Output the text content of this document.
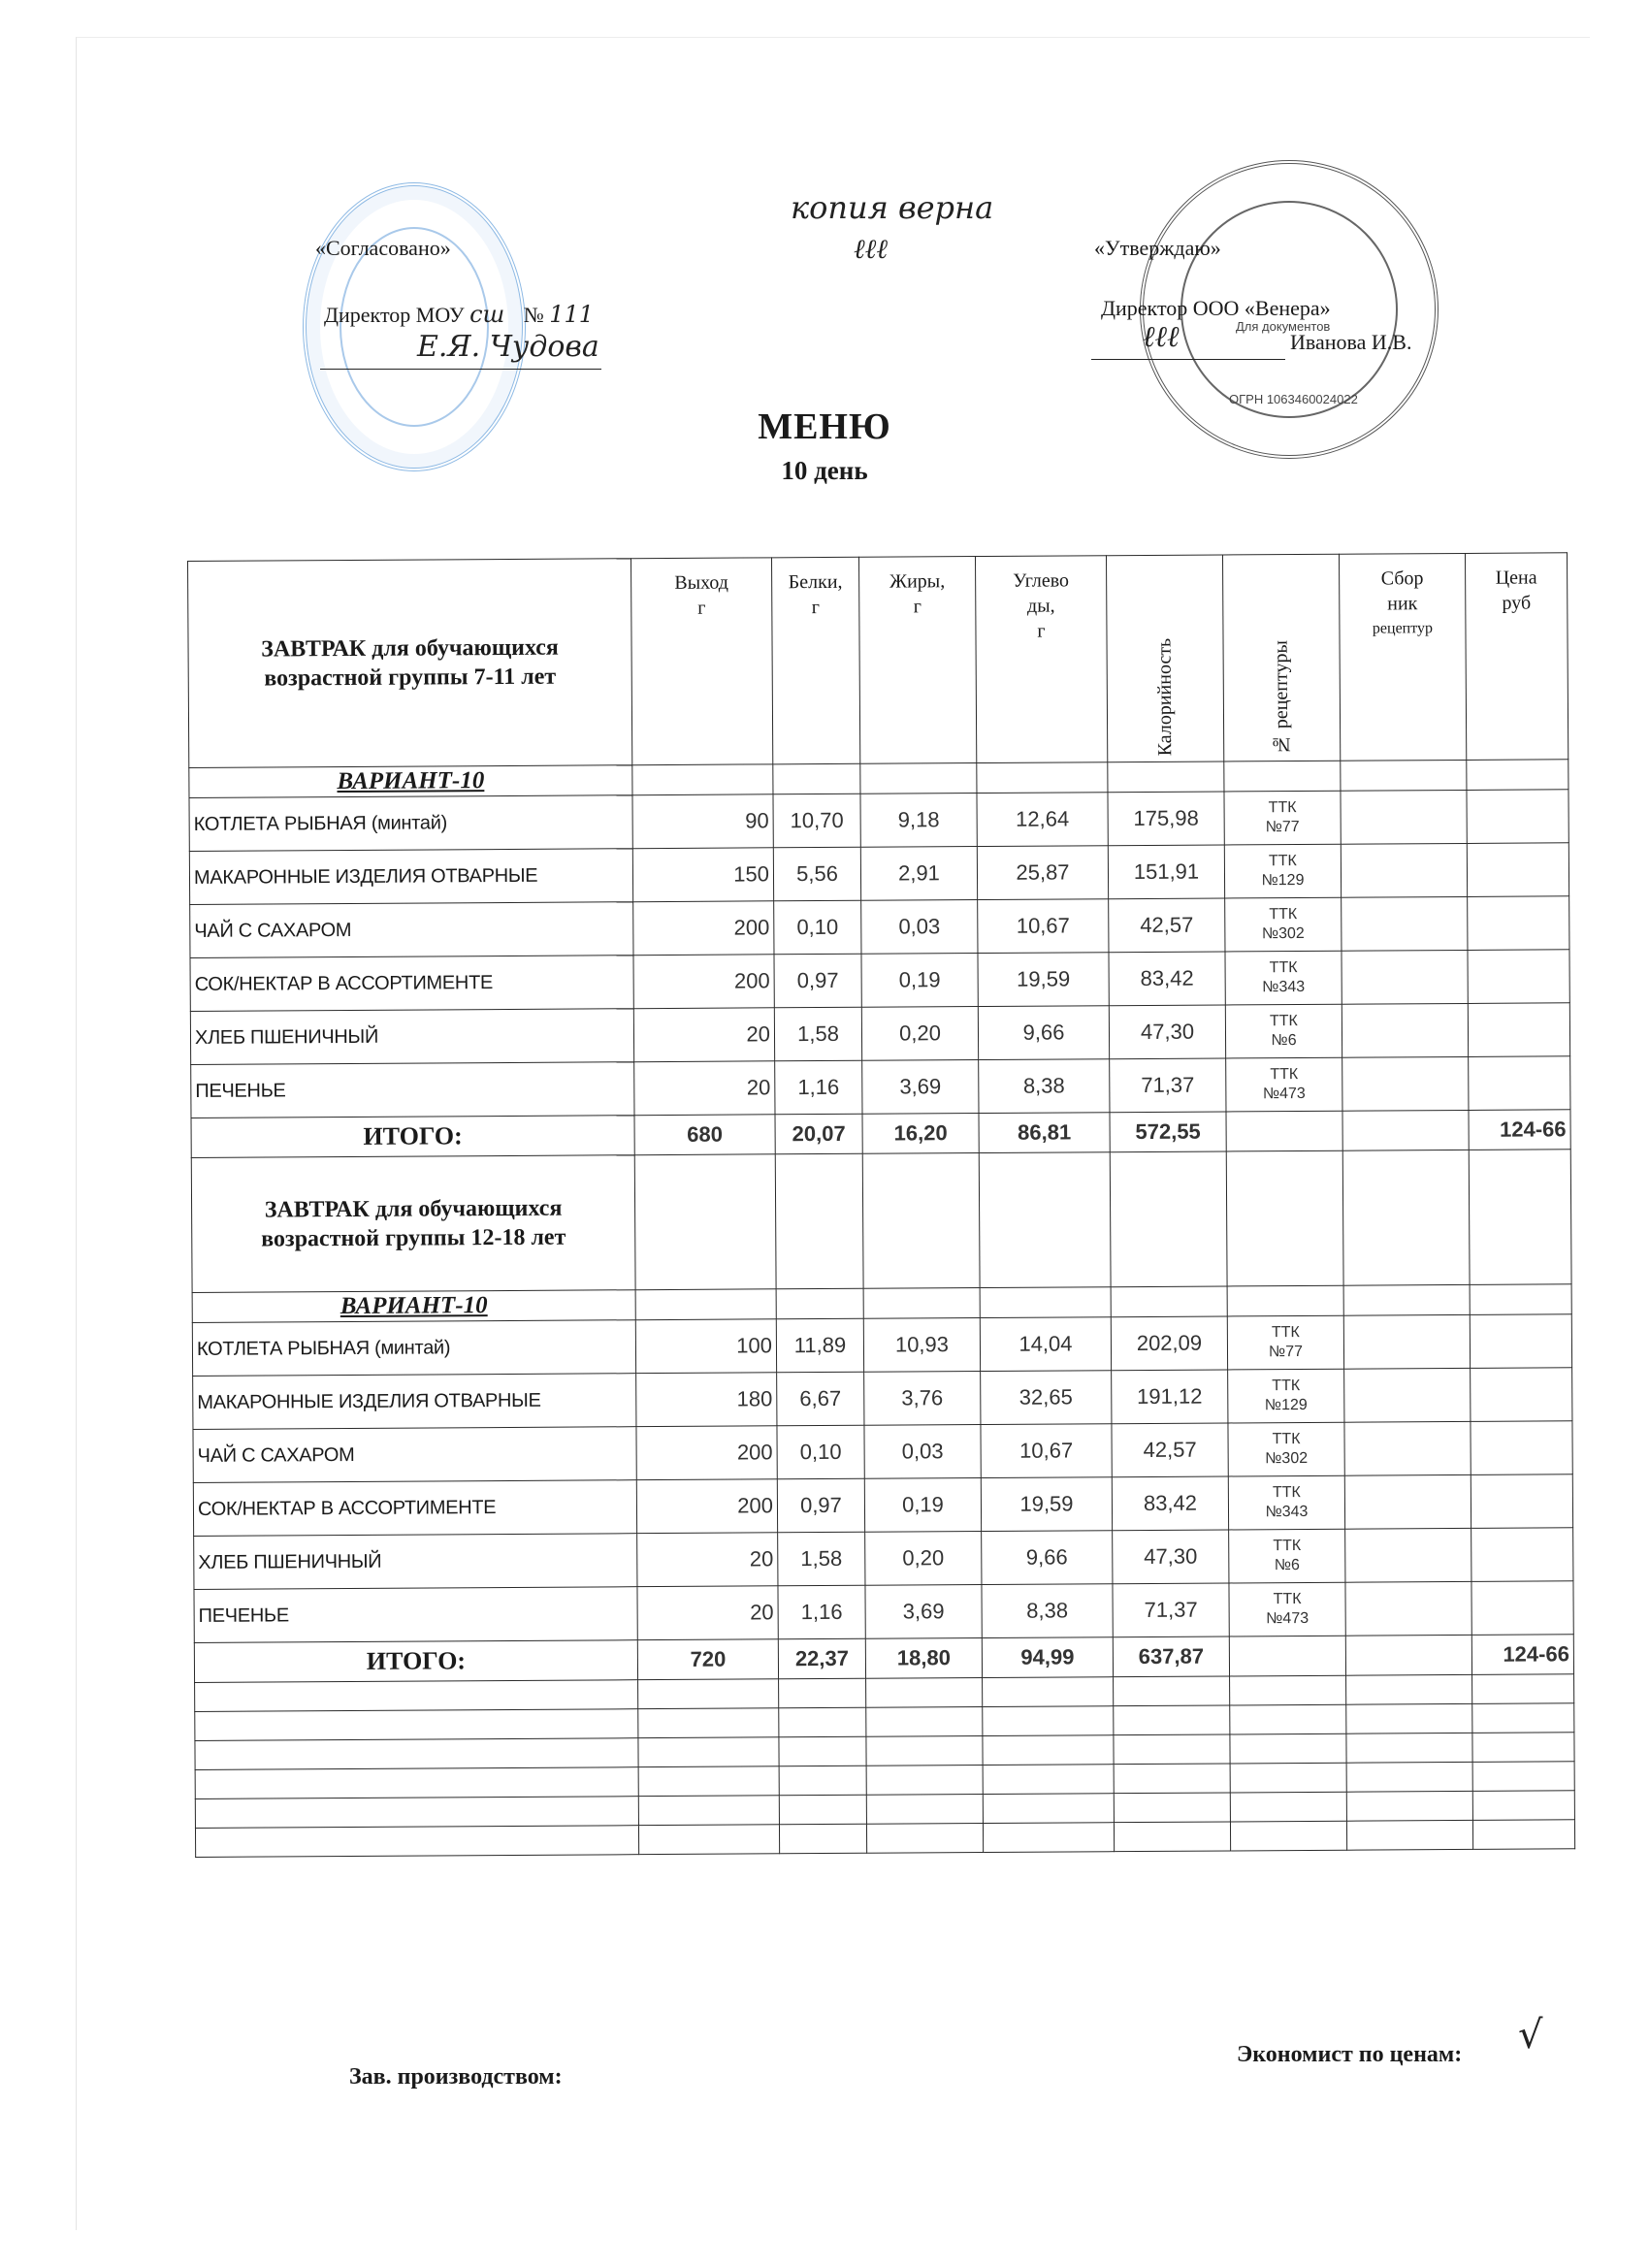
«Согласовано»
Директор МОУ сш № 111
Е.Я. Чудова
копия верна
ℓℓℓ
Для документов
ОГРН 1063460024022
«Утверждаю»
Директор ООО «Венера»
Иванова И.В.
ℓℓℓ
МЕНЮ
10 день
ЗАВТРАК для обучающихся
возрастной группы 7-11 лет

Выход
г

Белки,
г

Жиры,
г

Углево
ды,
г
	Калорийность	№ рецептуры	
Сбор
ник
рецептур

Цена
руб

ВАРИАНТ-10								
КОТЛЕТА РЫБНАЯ (минтай)	90	10,70	9,18	12,64	175,98	ТТК
№77		

МАКАРОННЫЕ ИЗДЕЛИЯ ОТВАРНЫЕ	150	5,56	2,91	25,87	151,91	ТТК
№129		

ЧАЙ С САХАРОМ	200	0,10	0,03	10,67	42,57	ТТК
№302		

СОК/НЕКТАР В АССОРТИМЕНТЕ	200	0,97	0,19	19,59	83,42	ТТК
№343		

ХЛЕБ ПШЕНИЧНЫЙ	20	1,58	0,20	9,66	47,30	ТТК
№6		

ПЕЧЕНЬЕ	20	1,16	3,69	8,38	71,37	ТТК
№473		

ИТОГО:	680	20,07	16,20	86,81	572,55			124-66

ЗАВТРАК для обучающихся
возрастной группы 12-18 лет								

ВАРИАНТ-10								
КОТЛЕТА РЫБНАЯ (минтай)	100	11,89	10,93	14,04	202,09	ТТК
№77		

МАКАРОННЫЕ ИЗДЕЛИЯ ОТВАРНЫЕ	180	6,67	3,76	32,65	191,12	ТТК
№129		

ЧАЙ С САХАРОМ	200	0,10	0,03	10,67	42,57	ТТК
№302		

СОК/НЕКТАР В АССОРТИМЕНТЕ	200	0,97	0,19	19,59	83,42	ТТК
№343		

ХЛЕБ ПШЕНИЧНЫЙ	20	1,58	0,20	9,66	47,30	ТТК
№6		

ПЕЧЕНЬЕ	20	1,16	3,69	8,38	71,37	ТТК
№473		

ИТОГО:	720	22,37	18,80	94,99	637,87			124-66

Зав. производством:
Экономист по ценам: √
